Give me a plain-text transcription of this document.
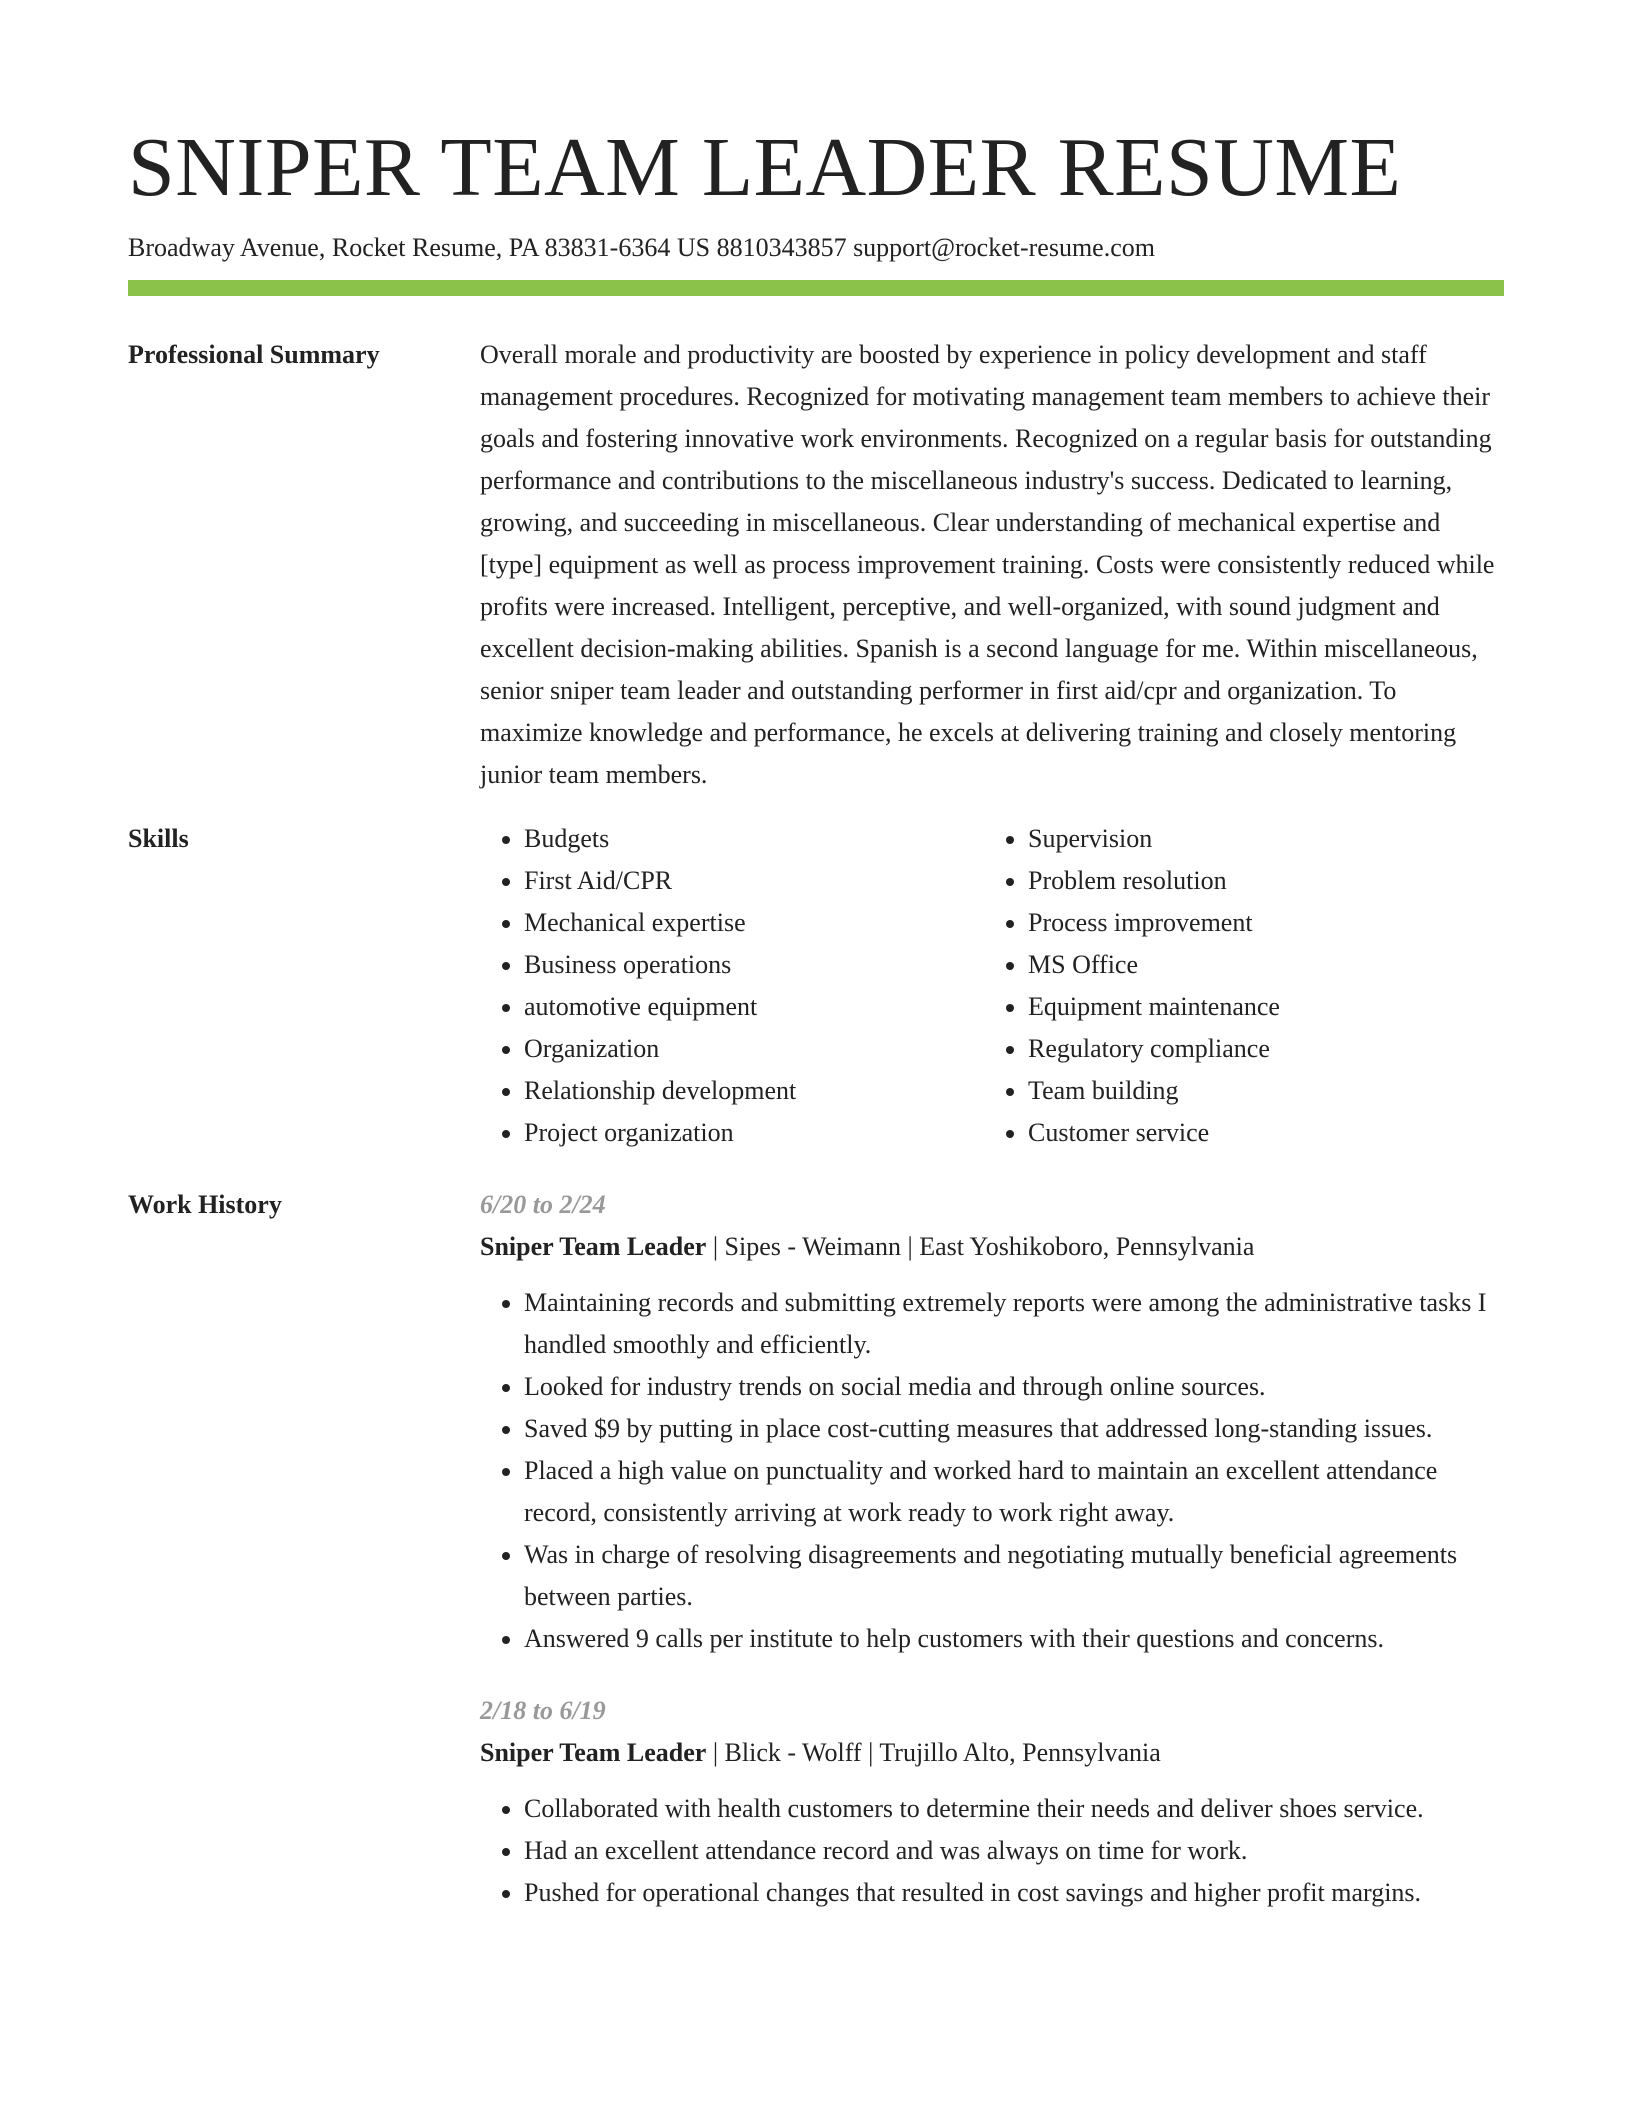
SNIPER TEAM LEADER RESUME
Broadway Avenue, Rocket Resume, PA 83831-6364 US 8810343857 support@rocket-resume.com
Professional Summary	Overall morale and productivity are boosted by experience in policy development and staff management procedures. Recognized for motivating management team members to achieve their goals and fostering innovative work environments. Recognized on a regular basis for outstanding performance and contributions to the miscellaneous industry's success. Dedicated to learning, growing, and succeeding in miscellaneous. Clear understanding of mechanical expertise and [type] equipment as well as process improvement training. Costs were consistently reduced while profits were increased. Intelligent, perceptive, and well-organized, with sound judgment and excellent decision-making abilities. Spanish is a second language for me. Within miscellaneous, senior sniper team leader and outstanding performer in first aid/cpr and organization. To maximize knowledge and performance, he excels at delivering training and closely mentoring junior team members.

Skills
•	Budgets
• First Aid/CPR
• Mechanical expertise
• Business operations
• automotive equipment
• Organization
• Relationship development
• Project organization
• Supervision
• Problem resolution
• Process improvement
• MS Office
• Equipment maintenance
• Regulatory compliance
• Team building
• Customer service
Work History	6/20 to 2/24
Sniper Team Leader | Sipes - Weimann | East Yoshikoboro, Pennsylvania
• Maintaining records and submitting extremely reports were among the administrative tasks I handled smoothly and efficiently.
• Looked for industry trends on social media and through online sources.
• Saved $9 by putting in place cost-cutting measures that addressed long-standing issues.
• Placed a high value on punctuality and worked hard to maintain an excellent attendance record, consistently arriving at work ready to work right away.
• Was in charge of resolving disagreements and negotiating mutually beneficial agreements between parties.
• Answered 9 calls per institute to help customers with their questions and concerns.
2/18 to 6/19
Sniper Team Leader | Blick - Wolff | Trujillo Alto, Pennsylvania
• Collaborated with health customers to determine their needs and deliver shoes service.
• Had an excellent attendance record and was always on time for work.
• Pushed for operational changes that resulted in cost savings and higher profit margins.
